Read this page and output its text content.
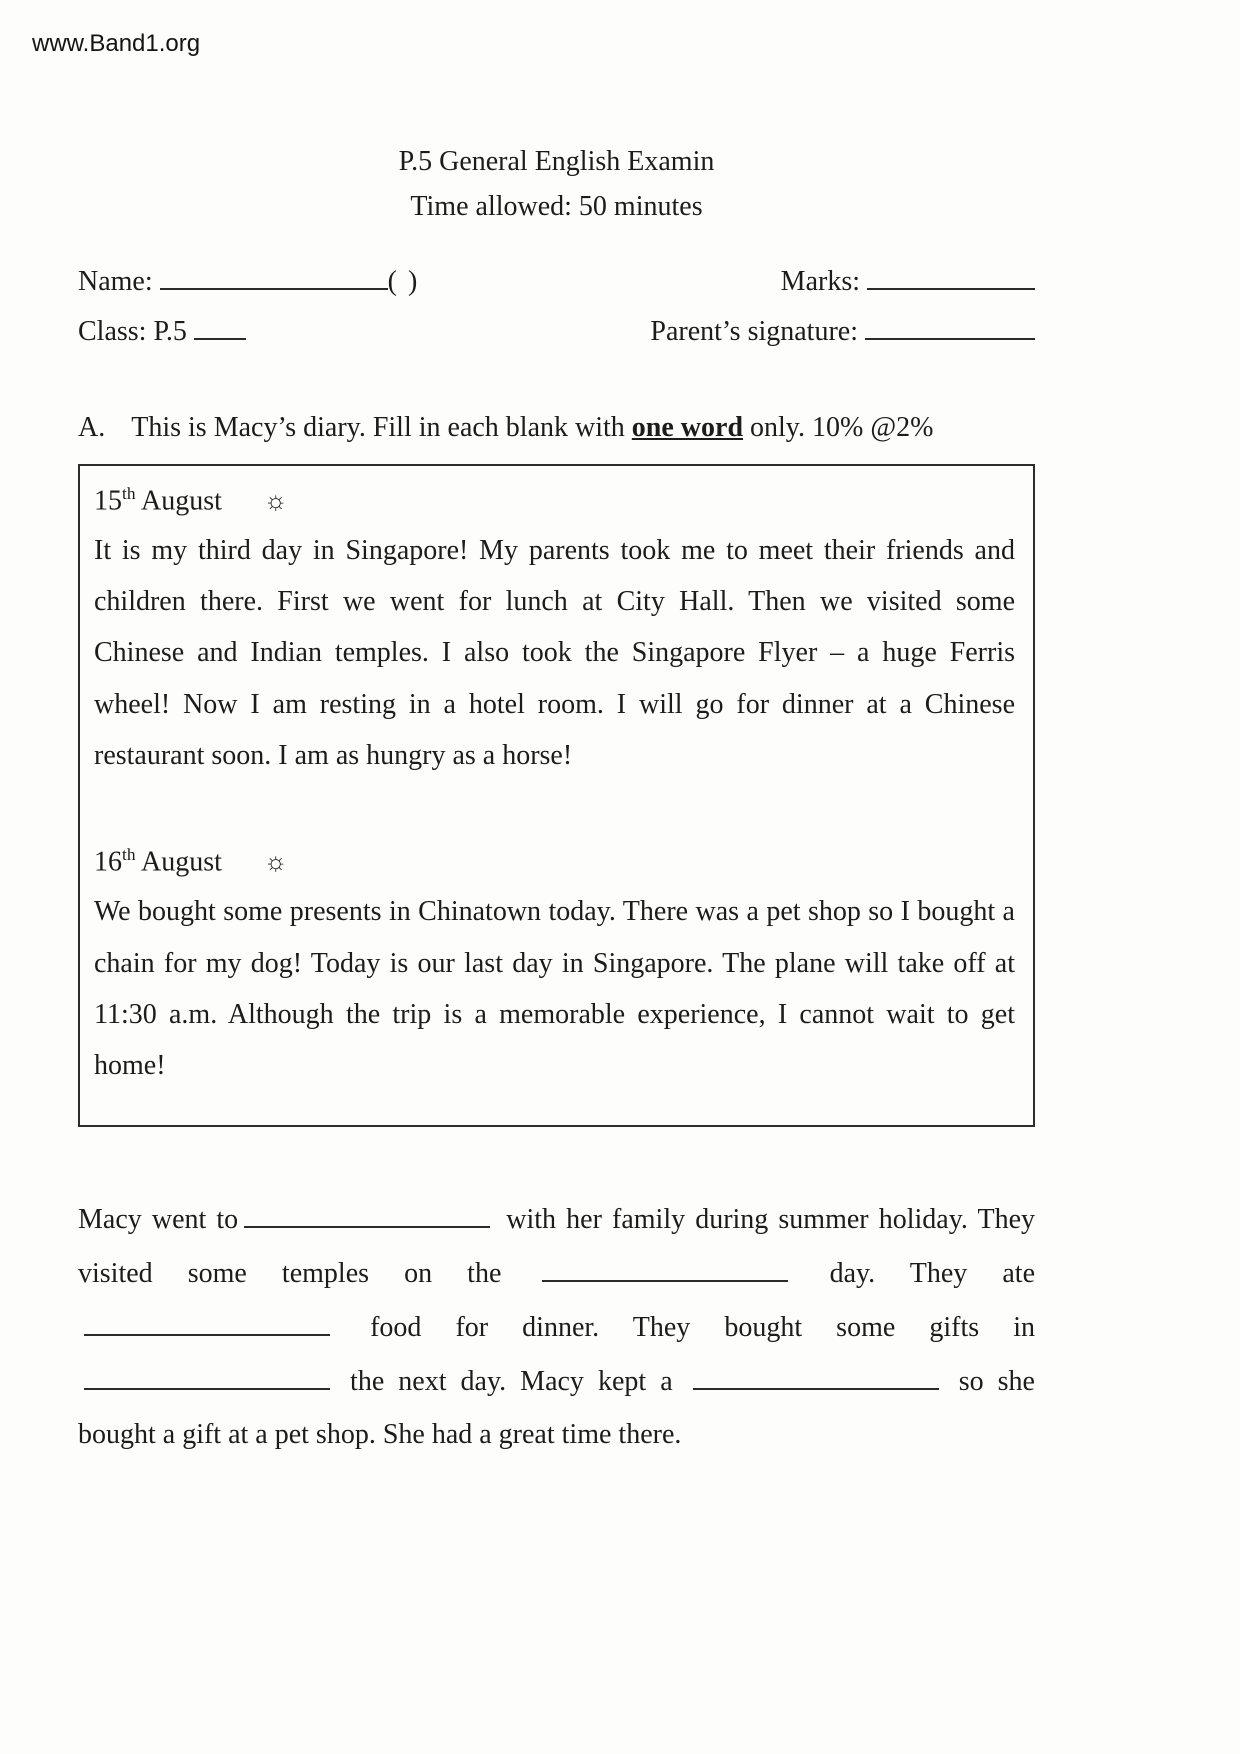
www.Band1.org
P.5 General English Examin
Time allowed: 50 minutes
Name:	( )	Marks:
Class: P.5	Parent’s signature:
A. This is Macy’s diary. Fill in each blank with one word only. 10% @2%
15th August ☼

It is my third day in Singapore! My parents took me to meet their friends and children there. First we went for lunch at City Hall. Then we visited some Chinese and Indian temples. I also took the Singapore Flyer – a huge Ferris wheel! Now I am resting in a hotel room. I will go for dinner at a Chinese restaurant soon. I am as hungry as a horse!

16th August ☼

We bought some presents in Chinatown today. There was a pet shop so I bought a chain for my dog! Today is our last day in Singapore. The plane will take off at 11:30 a.m. Although the trip is a memorable experience, I cannot wait to get home!

Macy went to	with her family during summer holiday. They visited some temples on the	day. They ate  food for dinner. They bought some gifts in  the next day. Macy kept a	so she bought a gift at a pet shop. She had a great time there.
